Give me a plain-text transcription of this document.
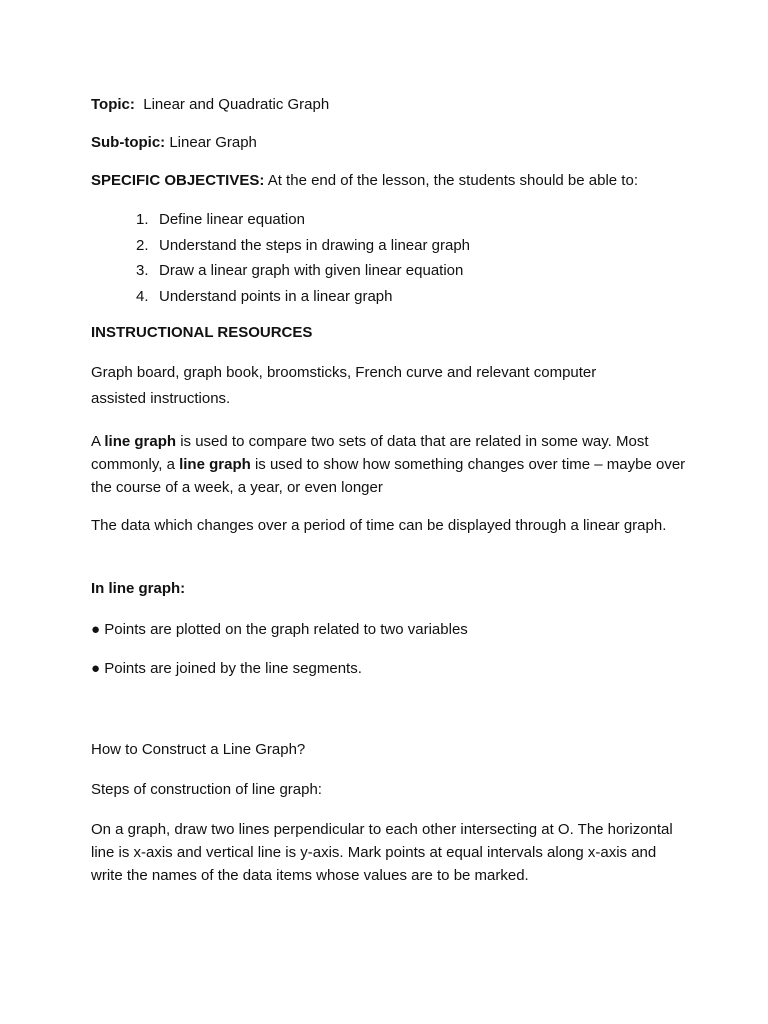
Topic: Linear and Quadratic Graph
Sub-topic: Linear Graph
SPECIFIC OBJECTIVES: At the end of the lesson, the students should be able to:
1. Define linear equation
2. Understand the steps in drawing a linear graph
3. Draw a linear graph with given linear equation
4. Understand points in a linear graph
INSTRUCTIONAL RESOURCES
Graph board, graph book, broomsticks, French curve and relevant computer assisted instructions.
A line graph is used to compare two sets of data that are related in some way. Most commonly, a line graph is used to show how something changes over time – maybe over the course of a week, a year, or even longer
The data which changes over a period of time can be displayed through a linear graph.
In line graph:
● Points are plotted on the graph related to two variables
● Points are joined by the line segments.
How to Construct a Line Graph?
Steps of construction of line graph:
On a graph, draw two lines perpendicular to each other intersecting at O. The horizontal line is x-axis and vertical line is y-axis. Mark points at equal intervals along x-axis and write the names of the data items whose values are to be marked.
